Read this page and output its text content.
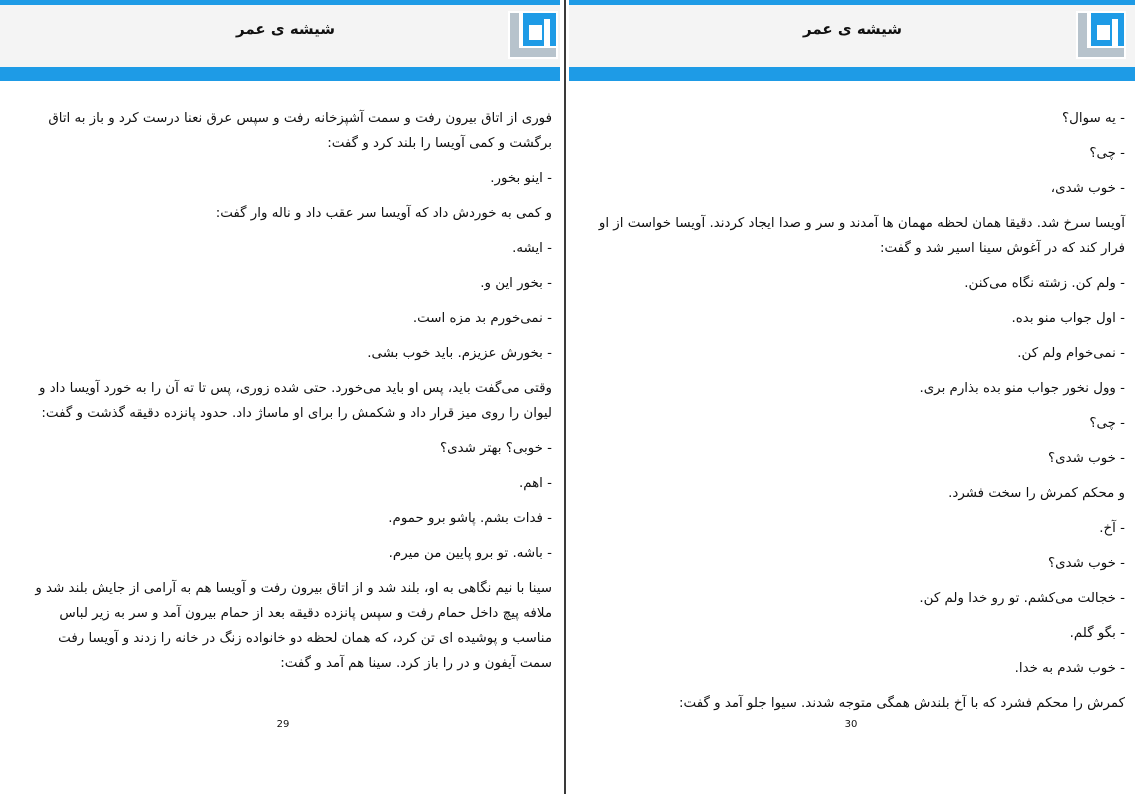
شیشه ی عمر

فوری از اتاق بیرون رفت و سمت آشپزخانه رفت و سپس عرق نعنا درست کرد و باز به اتاق برگشت و کمی آویسا را بلند کرد و گفت:

- اینو بخور.

و کمی به خوردش داد که آویسا سر عقب داد و ناله وار گفت:

- ایشه.

- بخور این و.

- نمی‌خورم بد مزه است.

- بخورش عزیزم. باید خوب بشی.

وقتی می‌گفت باید، پس او باید می‌خورد. حتی شده زوری، پس تا ته آن را به خورد آویسا داد و لیوان را روی میز قرار داد و شکمش را برای او ماساژ داد. حدود پانزده دقیقه گذشت و گفت:

- خوبی؟ بهتر شدی؟

- اهم.

- فدات بشم. پاشو برو حموم.

- باشه. تو برو پایین من میرم.

سینا با نیم نگاهی به او، بلند شد و از اتاق بیرون رفت و آویسا هم به آرامی از جایش بلند شد و ملافه پیچ داخل حمام رفت و سپس پانزده دقیقه بعد از حمام بیرون آمد و سر به زیر لباس مناسب و پوشیده ای تن کرد، که همان لحظه دو خانواده زنگ در خانه را زدند و آویسا رفت سمت آیفون و در را باز کرد. سینا هم آمد و گفت:

29
شیشه ی عمر

- یه سوال؟

- چی؟

- خوب شدی،

آویسا سرخ شد. دقیقا همان لحظه مهمان ها آمدند و سر و صدا ایجاد کردند. آویسا خواست از او فرار کند که در آغوش سینا اسیر شد و گفت:

- ولم کن. زشته نگاه می‌کنن.

- اول جواب منو بده.

- نمی‌خوام ولم کن.

- وول نخور جواب منو بده بذارم بری.

- چی؟

- خوب شدی؟

و محکم کمرش را سخت فشرد.

- آخ.

- خوب شدی؟

- خجالت می‌کشم. تو رو خدا ولم کن.

- بگو گلم.

- خوب شدم به خدا.

کمرش را محکم فشرد که با آخ بلندش همگی متوجه شدند. سیوا جلو آمد و گفت:

30
